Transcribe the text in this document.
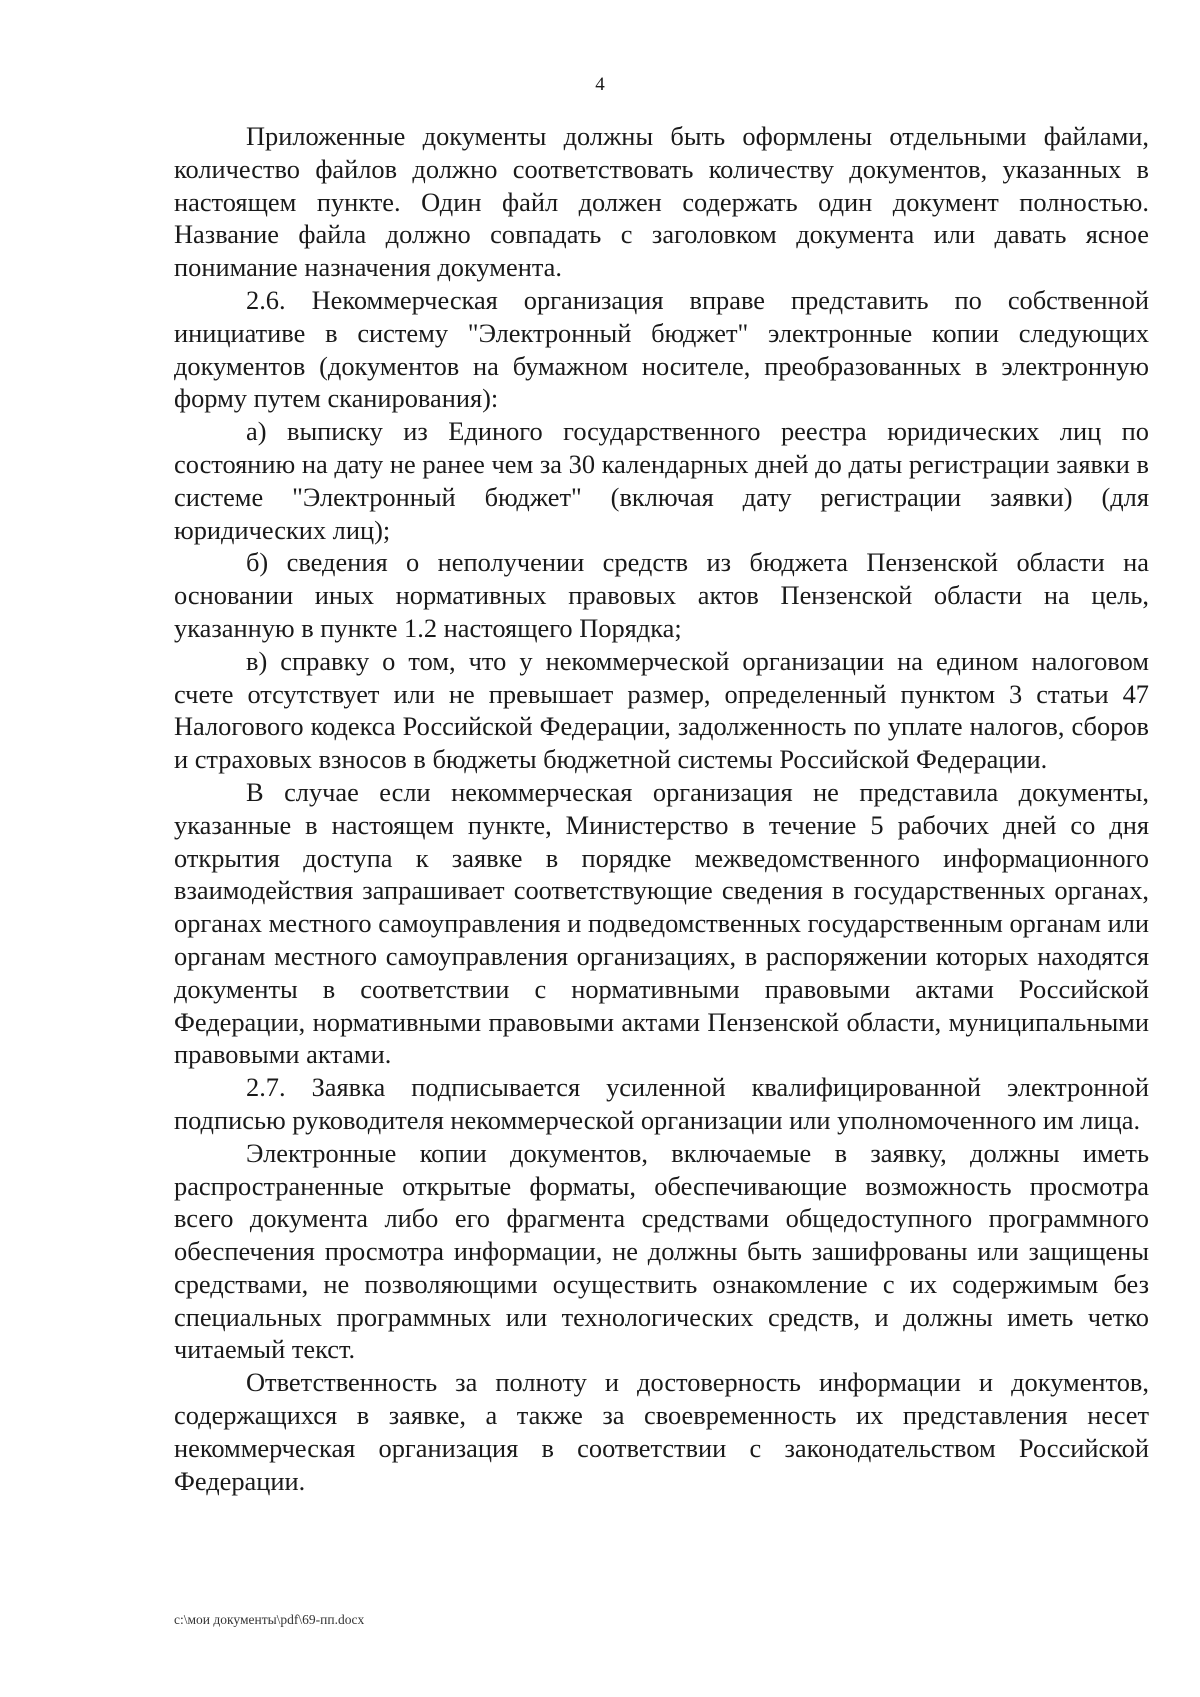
4

Приложенные документы должны быть оформлены отдельными файлами, количество файлов должно соответствовать количеству документов, указанных в настоящем пункте. Один файл должен содержать один документ полностью. Название файла должно совпадать с заголовком документа или давать ясное понимание назначения документа.

2.6. Некоммерческая организация вправе представить по собственной инициативе в систему "Электронный бюджет" электронные копии следующих документов (документов на бумажном носителе, преобразованных в электронную форму путем сканирования):

а) выписку из Единого государственного реестра юридических лиц по состоянию на дату не ранее чем за 30 календарных дней до даты регистрации заявки в системе "Электронный бюджет" (включая дату регистрации заявки) (для юридических лиц);

б) сведения о неполучении средств из бюджета Пензенской области на основании иных нормативных правовых актов Пензенской области на цель, указанную в пункте 1.2 настоящего Порядка;

в) справку о том, что у некоммерческой организации на едином налоговом счете отсутствует или не превышает размер, определенный пунктом 3 статьи 47 Налогового кодекса Российской Федерации, задолженность по уплате налогов, сборов и страховых взносов в бюджеты бюджетной системы Российской Федерации.

В случае если некоммерческая организация не представила документы, указанные в настоящем пункте, Министерство в течение 5 рабочих дней со дня открытия доступа к заявке в порядке межведомственного информационного взаимодействия запрашивает соответствующие сведения в государственных органах, органах местного самоуправления и подведомственных государственным органам или органам местного самоуправления организациях, в распоряжении которых находятся документы в соответствии с нормативными правовыми актами Российской Федерации, нормативными правовыми актами Пензенской области, муниципальными правовыми актами.

2.7. Заявка подписывается усиленной квалифицированной электронной подписью руководителя некоммерческой организации или уполномоченного им лица.

Электронные копии документов, включаемые в заявку, должны иметь распространенные открытые форматы, обеспечивающие возможность просмотра всего документа либо его фрагмента средствами общедоступного программного обеспечения просмотра информации, не должны быть зашифрованы или защищены средствами, не позволяющими осуществить ознакомление с их содержимым без специальных программных или технологических средств, и должны иметь четко читаемый текст.

Ответственность за полноту и достоверность информации и документов, содержащихся в заявке, а также за своевременность их представления несет некоммерческая организация в соответствии с законодательством Российской Федерации.

c:\мои документы\pdf\69-пп.docx
